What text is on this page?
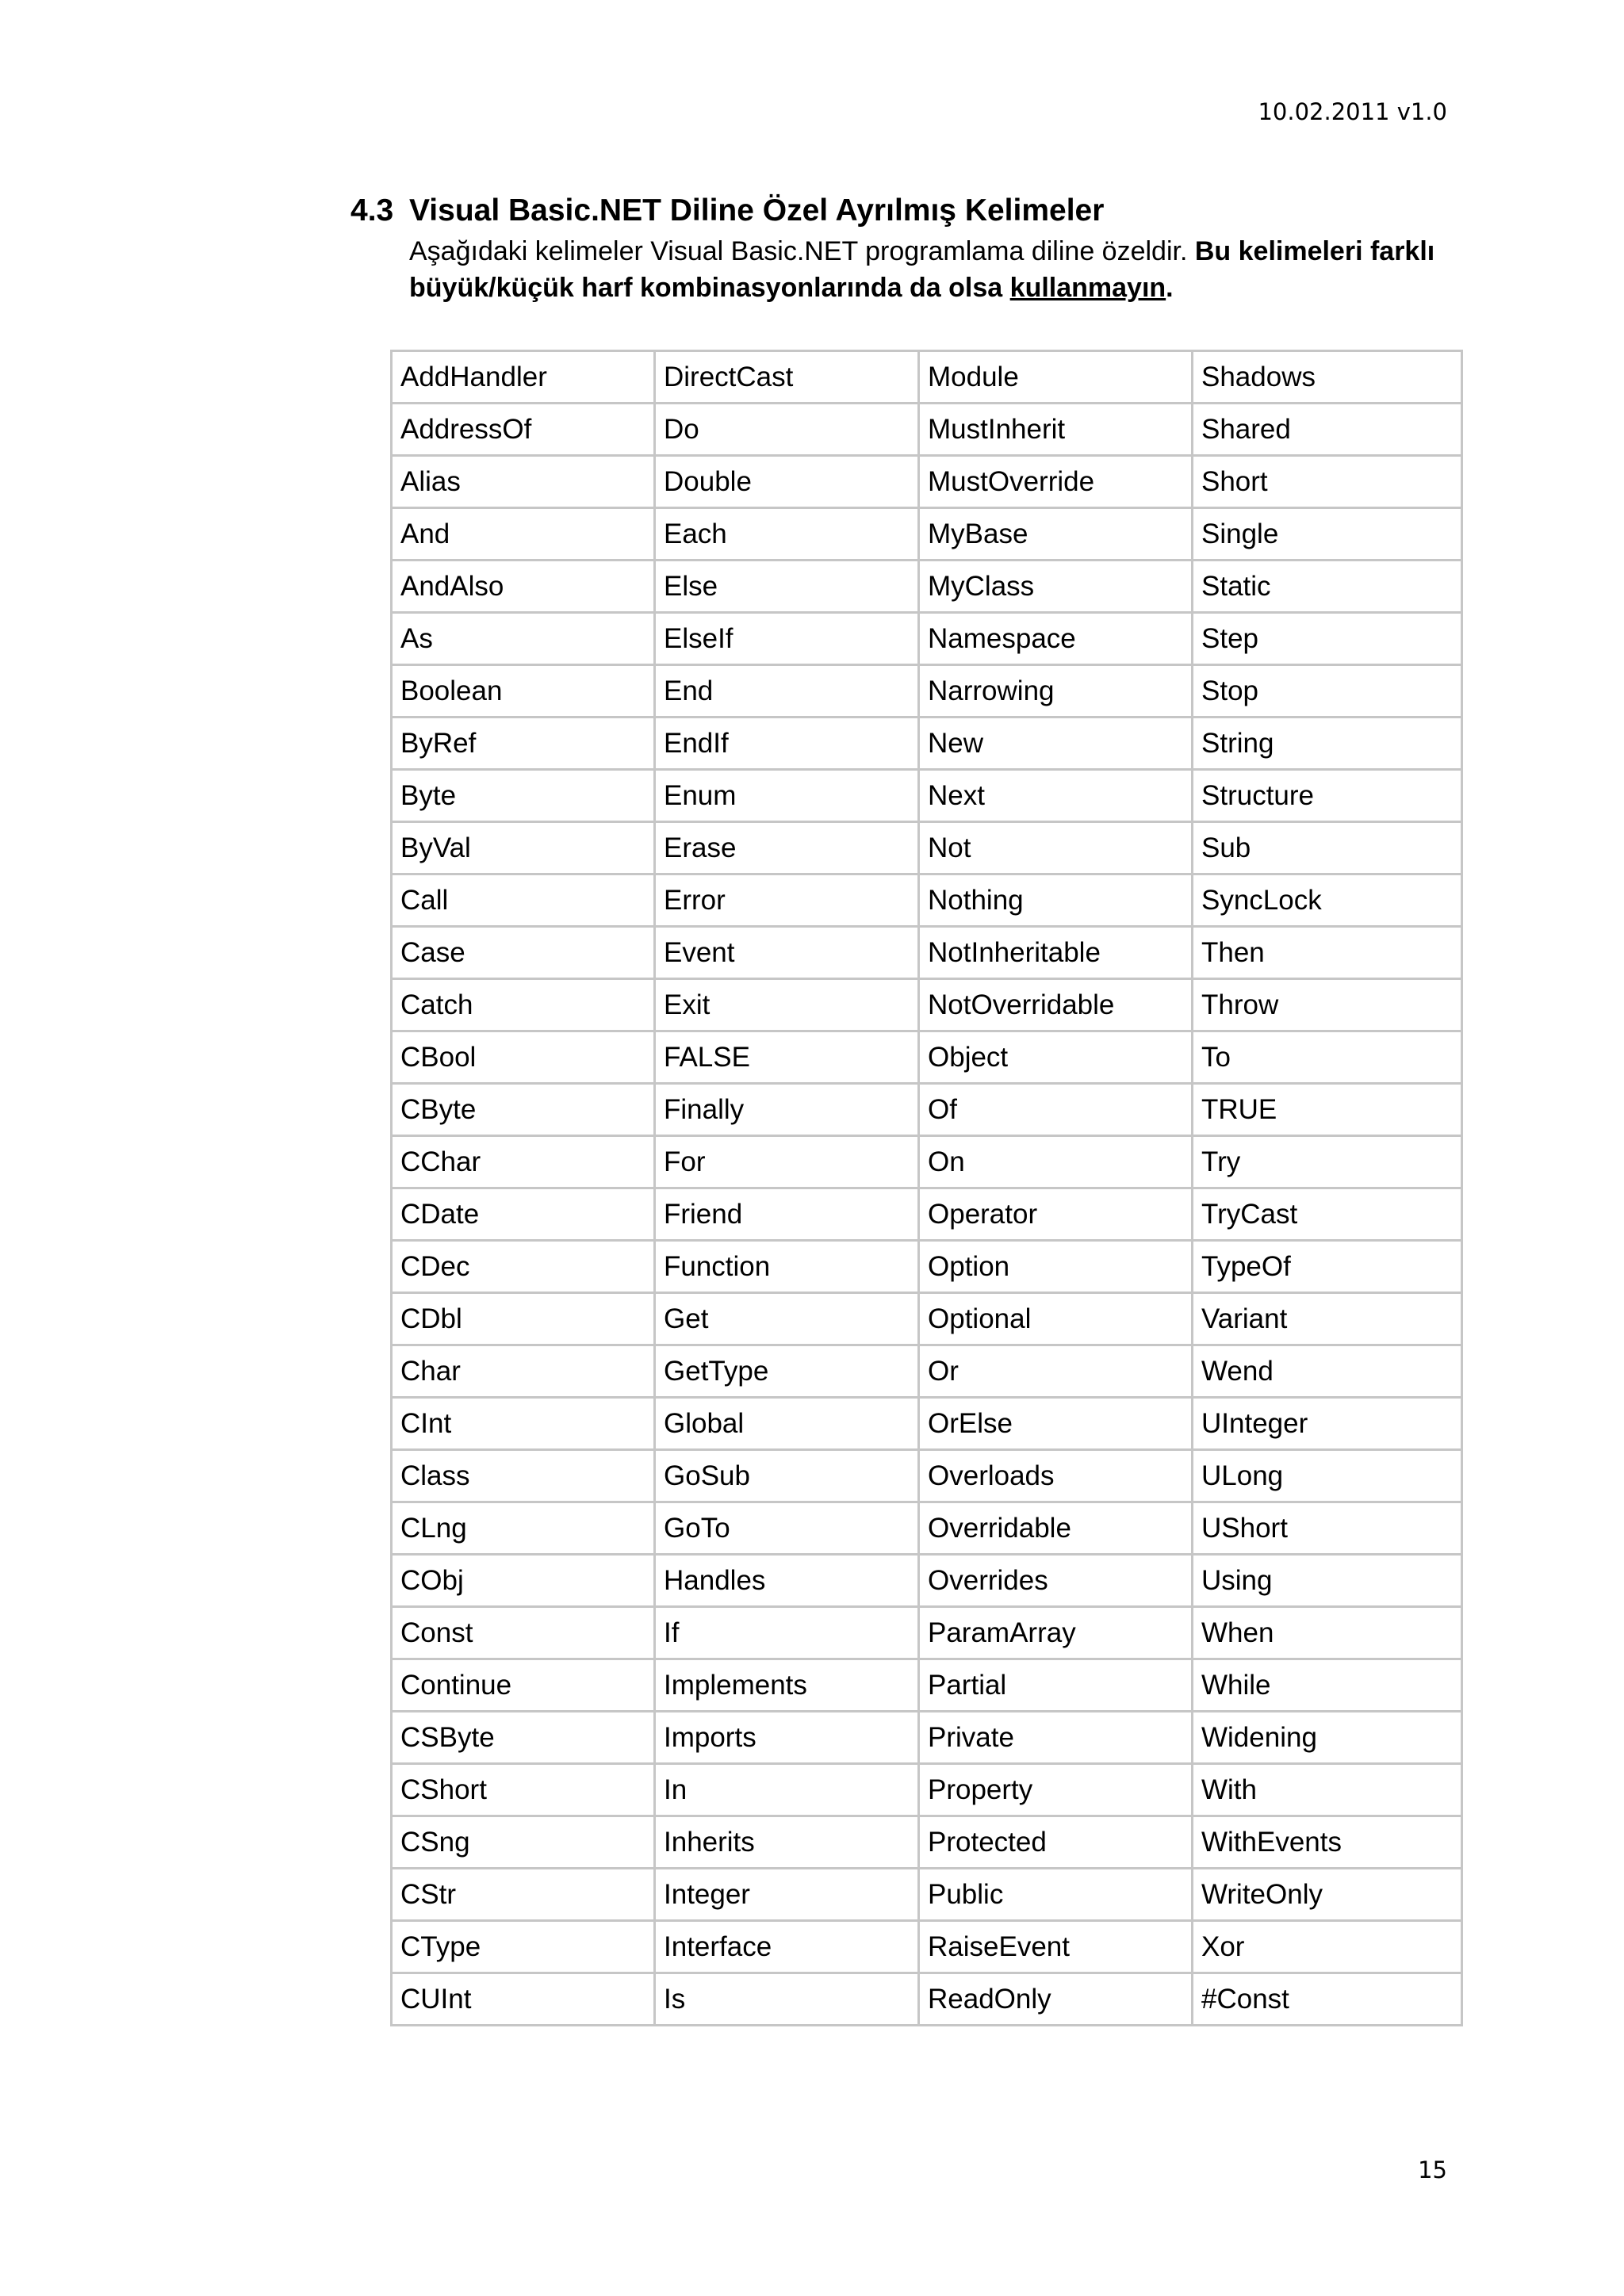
10.02.2011 v1.0
4.3 Visual Basic.NET Diline Özel Ayrılmış Kelimeler
Aşağıdaki kelimeler Visual Basic.NET programlama diline özeldir. Bu kelimeleri farklı büyük/küçük harf kombinasyonlarında da olsa kullanmayın.
AddHandler	DirectCast	Module	Shadows
AddressOf	Do	MustInherit	Shared
Alias	Double	MustOverride	Short
And	Each	MyBase	Single
AndAlso	Else	MyClass	Static
As	ElseIf	Namespace	Step
Boolean	End	Narrowing	Stop
ByRef	EndIf	New	String
Byte	Enum	Next	Structure
ByVal	Erase	Not	Sub
Call	Error	Nothing	SyncLock
Case	Event	NotInheritable	Then
Catch	Exit	NotOverridable	Throw
CBool	FALSE	Object	To
CByte	Finally	Of	TRUE
CChar	For	On	Try
CDate	Friend	Operator	TryCast
CDec	Function	Option	TypeOf
CDbl	Get	Optional	Variant
Char	GetType	Or	Wend
CInt	Global	OrElse	UInteger
Class	GoSub	Overloads	ULong
CLng	GoTo	Overridable	UShort
CObj	Handles	Overrides	Using
Const	If	ParamArray	When
Continue	Implements	Partial	While
CSByte	Imports	Private	Widening
CShort	In	Property	With
CSng	Inherits	Protected	WithEvents
CStr	Integer	Public	WriteOnly
CType	Interface	RaiseEvent	Xor
CUInt	Is	ReadOnly	#Const
15
